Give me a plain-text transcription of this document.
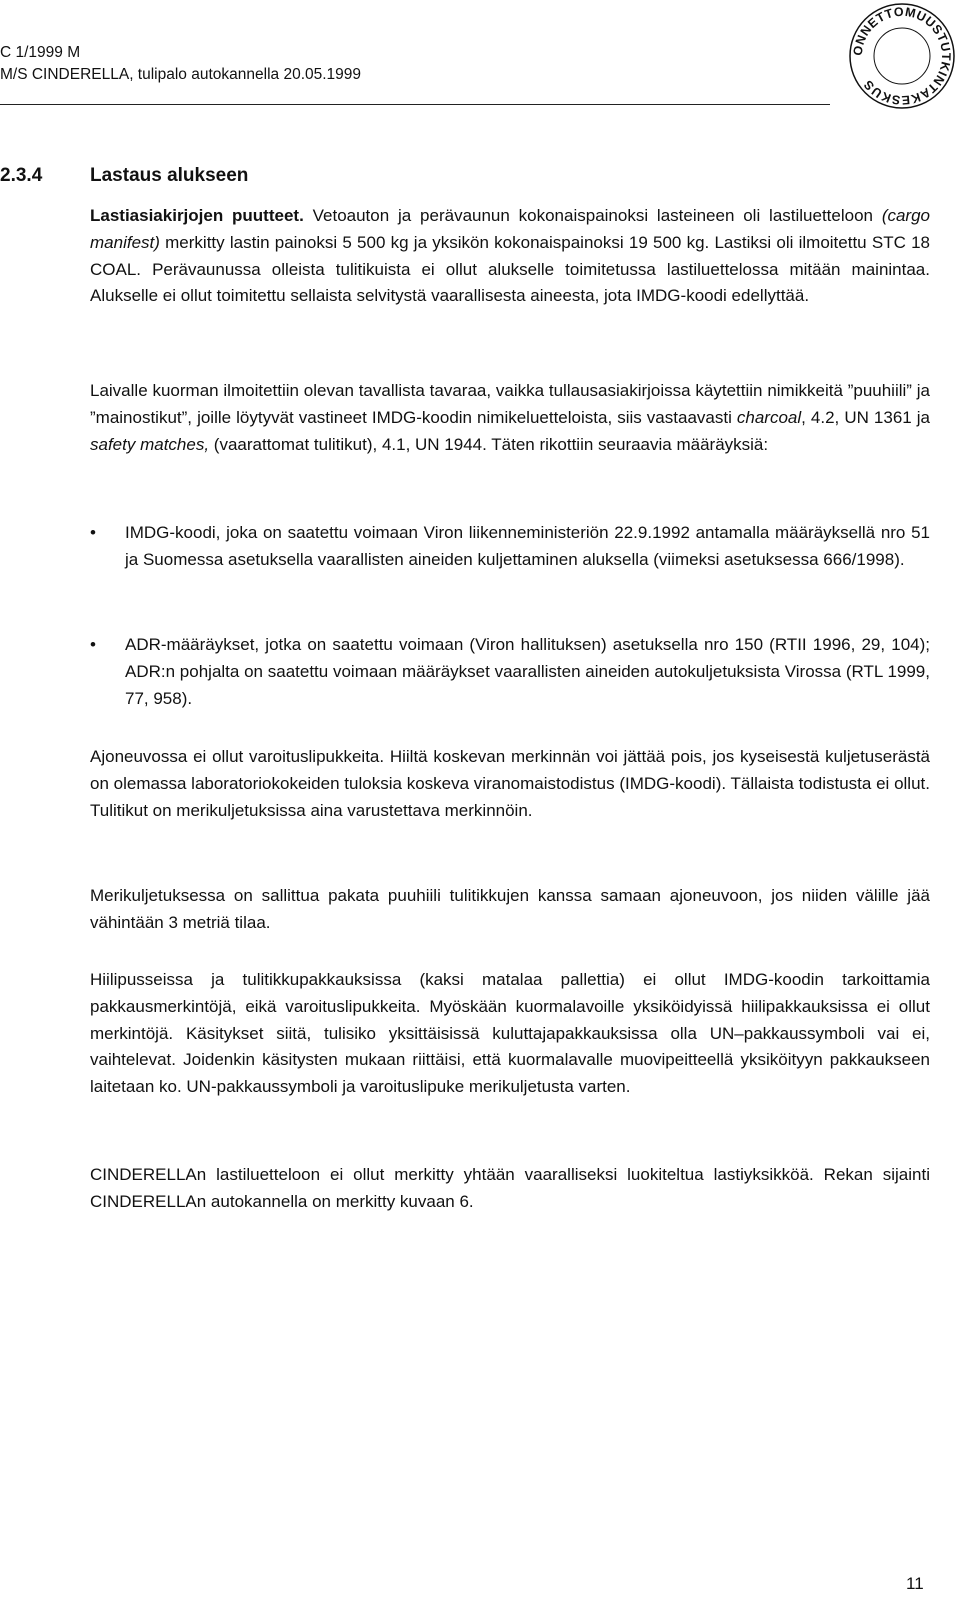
C 1/1999 M
M/S CINDERELLA, tulipalo autokannella 20.05.1999
ONNETTOMUUSTUTKINTAKESKUS
2.3.4	Lastaus alukseen

Lastiasiakirjojen puutteet. Vetoauton ja perävaunun kokonaispainoksi lasteineen oli lastiluetteloon (cargo manifest) merkitty lastin painoksi 5 500 kg ja yksikön kokonaispainoksi 19 500 kg. Lastiksi oli ilmoitettu STC 18 COAL. Perävaunussa olleista tulitikuista ei ollut alukselle toimitetussa lastiluettelossa mitään mainintaa. Alukselle ei ollut toimitettu sellaista selvitystä vaarallisesta aineesta, jota IMDG-koodi edellyttää.

Laivalle kuorman ilmoitettiin olevan tavallista tavaraa, vaikka tullausasiakirjoissa käytettiin nimikkeitä ”puuhiili” ja ”mainostikut”, joille löytyvät vastineet IMDG-koodin nimikeluetteloista, siis vastaavasti charcoal, 4.2, UN 1361 ja safety matches, (vaarattomat tulitikut), 4.1, UN 1944. Täten rikottiin seuraavia määräyksiä:

• IMDG-koodi, joka on saatettu voimaan Viron liikenneministeriön 22.9.1992 antamalla määräyksellä nro 51 ja Suomessa asetuksella vaarallisten aineiden kuljettaminen aluksella (viimeksi asetuksessa 666/1998).

• ADR-määräykset, jotka on saatettu voimaan (Viron hallituksen) asetuksella nro 150 (RTII 1996, 29, 104); ADR:n pohjalta on saatettu voimaan määräykset vaarallisten aineiden autokuljetuksista Virossa (RTL 1999, 77, 958).

Ajoneuvossa ei ollut varoituslipukkeita. Hiiltä koskevan merkinnän voi jättää pois, jos kyseisestä kuljetuserästä on olemassa laboratoriokokeiden tuloksia koskeva viranomaistodistus (IMDG-koodi). Tällaista todistusta ei ollut. Tulitikut on merikuljetuksissa aina varustettava merkinnöin.

Merikuljetuksessa on sallittua pakata puuhiili tulitikkujen kanssa samaan ajoneuvoon, jos niiden välille jää vähintään 3 metriä tilaa.

Hiilipusseissa ja tulitikkupakkauksissa (kaksi matalaa pallettia) ei ollut IMDG-koodin tarkoittamia pakkausmerkintöjä, eikä varoituslipukkeita. Myöskään kuormalavoille yksiköidyissä hiilipakkauksissa ei ollut merkintöjä. Käsitykset siitä, tulisiko yksittäisissä kuluttajapakkauksissa olla UN–pakkaussymboli vai ei, vaihtelevat. Joidenkin käsitysten mukaan riittäisi, että kuormalavalle muovipeitteellä yksiköityyn pakkaukseen laitetaan ko. UN-pakkaussymboli ja varoituslipuke merikuljetusta varten.

CINDERELLAn lastiluetteloon ei ollut merkitty yhtään vaaralliseksi luokiteltua lastiyksikköä. Rekan sijainti CINDERELLAn autokannella on merkitty kuvaan 6.

11
